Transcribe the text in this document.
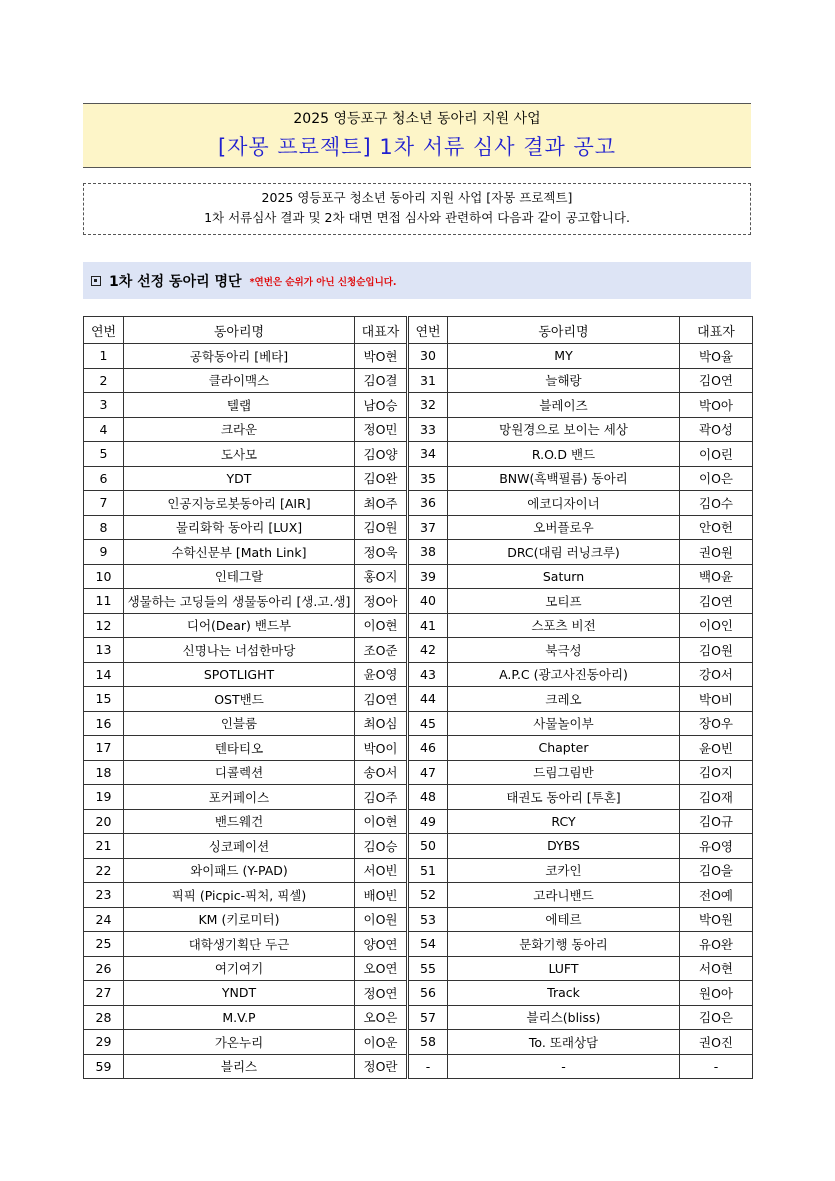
2025 영등포구 청소년 동아리 지원 사업
[자몽 프로젝트] 1차 서류 심사 결과 공고
2025 영등포구 청소년 동아리 지원 사업 [자몽 프로젝트]
1차 서류심사 결과 및 2차 대면 면접 심사와 관련하여 다음과 같이 공고합니다.
1차 선정 동아리 명단 *연번은 순위가 아닌 신청순입니다.
연번	동아리명	대표자	연번	동아리명	대표자
1	공학동아리 [베타]	박O현	30	MY	박O율
2	클라이맥스	김O결	31	늘해랑	김O연
3	텔랩	남O승	32	블레이즈	박O아
4	크라운	정O민	33	망원경으로 보이는 세상	곽O성
5	도사모	김O양	34	R.O.D 밴드	이O린
6	YDT	김O완	35	BNW(흑백필름) 동아리	이O은
7	인공지능로봇동아리 [AIR]	최O주	36	에코디자이너	김O수
8	물리화학 동아리 [LUX]	김O원	37	오버플로우	안O헌
9	수학신문부 [Math Link]	정O욱	38	DRC(대림 러닝크루)	권O원
10	인테그랄	홍O지	39	Saturn	백O윤
11	생물하는 고딩들의 생물동아리 [생.고.생]	정O아	40	모티프	김O연
12	디어(Dear) 밴드부	이O현	41	스포츠 비전	이O인
13	신명나는 너섬한마당	조O준	42	북극성	김O원
14	SPOTLIGHT	윤O영	43	A.P.C (광고사진동아리)	강O서
15	OST밴드	김O연	44	크레오	박O비
16	인블룸	최O심	45	사물놀이부	장O우
17	텐타티오	박O이	46	Chapter	윤O빈
18	디콜렉션	송O서	47	드림그림반	김O지
19	포커페이스	김O주	48	태권도 동아리 [투혼]	김O재
20	밴드웨건	이O현	49	RCY	김O규
21	싱코페이션	김O승	50	DYBS	유O영
22	와이패드 (Y-PAD)	서O빈	51	코카인	김O을
23	픽픽 (Picpic-픽처, 픽셀)	배O빈	52	고라니밴드	전O예
24	KM (키로미터)	이O원	53	에테르	박O원
25	대학생기획단 두근	양O연	54	문화기행 동아리	유O완
26	여기여기	오O연	55	LUFT	서O현
27	YNDT	정O연	56	Track	원O아
28	M.V.P	오O은	57	블리스(bliss)	김O은
29	가온누리	이O운	58	To. 또래상담	권O진
59	블리스	정O란	-	-	-
